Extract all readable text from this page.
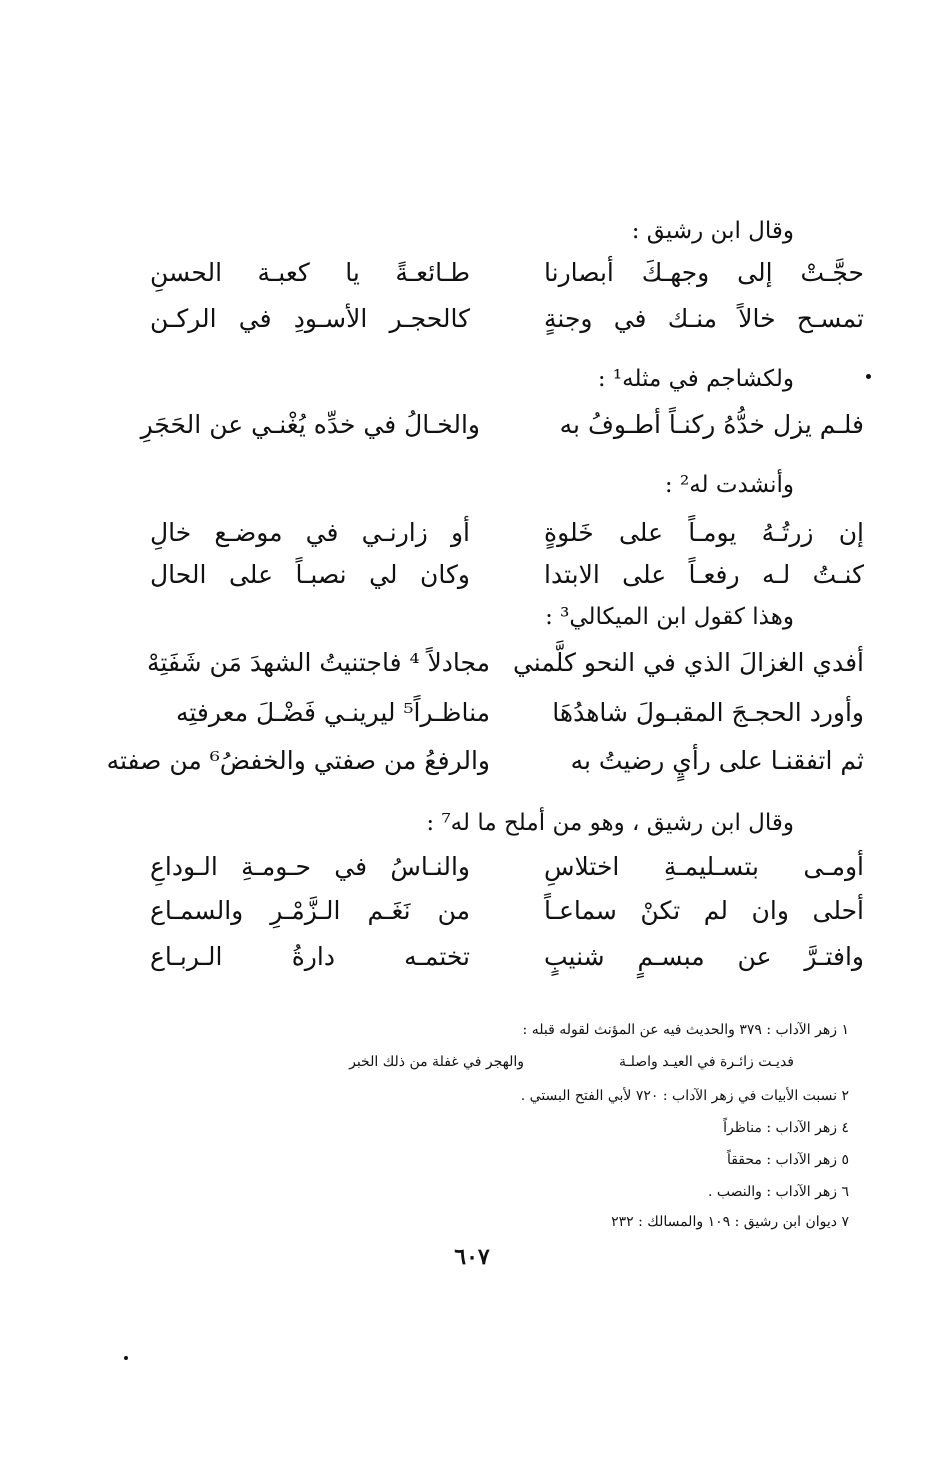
وقال ابن رشيق :
حجَّـتْ إلى وجهـكَ أبصارنا
طـائعـةً يا كعبـة الحسنِ
تمسـح خالاً منـك في وجنةٍ
كالحجـر الأسـودِ في الركـن
ولكشاجم في مثله¹ :
فلـم يزل خدُّهُ ركنـاً أطـوفُ به
والخـالُ في خدِّه يُغْنـي عن الحَجَرِ
وأنشدت له² :
إن زرتُـهُ يومـاً على خَلوةٍ
أو زارنـي في موضـع خالِ
كنـتُ لـه رفعـاً على الابتدا
وكان لي نصبـاً على الحال
وهذا كقول ابن الميكالي³ :
أفدي الغزالَ الذي في النحو كلَّمني
مجادلاً ⁴ فاجتنيتُ الشهدَ مَن شَفَتِهْ
وأورد الحجـجَ المقبـولَ شاهدُهَا
مناظـراً⁵ ليرينـي فَضْـلَ معرفتِه
ثم اتفقنـا على رأيٍ رضيتُ به
والرفعُ من صفتي والخفضُ⁶ من صفته
وقال ابن رشيق ، وهو من أملح ما له⁷ :
أومـى بتسـليمـةِ اختلاسِ
والنـاسُ في حـومـةِ الـوداعِ
أحلى وان لم تكنْ سماعـاً
من نَغَـم الـزَّمْـرِ والسمـاع
وافتـرَّ عن مبسـمٍ شنيبٍ
تختمـه دارةُ الـربـاع
١ زهر الآداب : ٣٧٩ والحديث فيه عن المؤنث لقوله قبله :
فديـت زائـرة في العيـد واصلـة
والهجر في غفلة من ذلك الخبر
٢ نسبت الأبيات في زهر الآداب : ٧٢٠ لأبي الفتح البستي .
٤ زهر الآداب : مناظراً
٥ زهر الآداب : محققاً
٦ زهر الآداب : والنصب .
٧ ديوان ابن رشيق : ١٠٩ والمسالك : ٢٣٢
٦٠٧
